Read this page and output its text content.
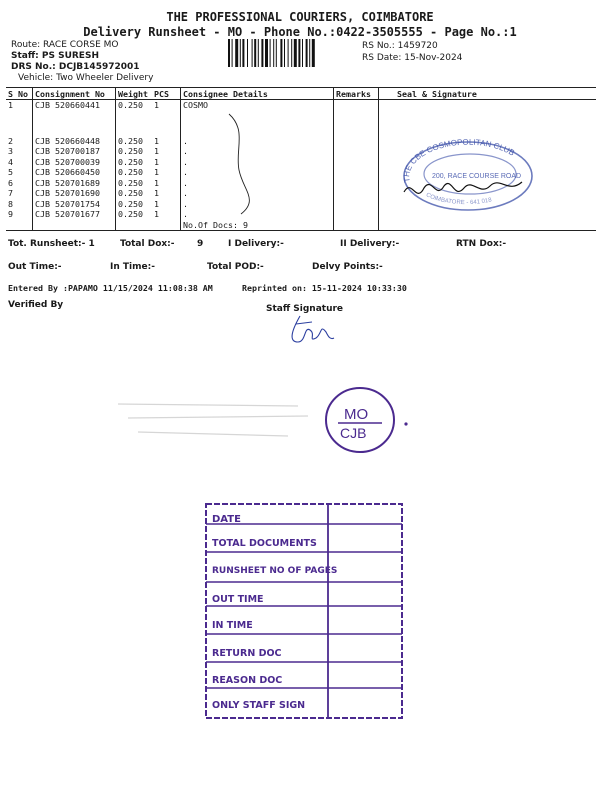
THE PROFESSIONAL COURIERS, COIMBATORE
Delivery Runsheet - MO - Phone No.:0422-3505555 - Page No.:1
Route: RACE CORSE MO
Staff: PS SURESH
DRS No.: DCJB145972001
Vehicle: Two Wheeler Delivery
RS No.: 1459720
RS Date: 15-Nov-2024
S No	Consignment No	Weight	PCS	Consignee Details	Remarks	Seal & Signature
1	CJB 520660441	0.250	1	COSMO		

2	CJB 520660448	0.250	1	.		
3	CJB 520700187	0.250	1	.		
4	CJB 520700039	0.250	1	.		
5	CJB 520660450	0.250	1	.		
6	CJB 520701689	0.250	1	.		
7	CJB 520701690	0.250	1	.		
8	CJB 520701754	0.250	1	.		
9	CJB 520701677	0.250	1	.		
				No.Of Docs: 9		
THE CBE COSMOPOLITAN CLUB
200, RACE COURSE ROAD
COIMBATORE - 641 018
Tot. Runsheet:- 1	Total Dox:- 9	I Delivery:-	II Delivery:-	RTN Dox:-
Out Time:-	In Time:-	Total POD:-	Delvy Points:-
Entered By :PAPAMO 11/15/2024 11:08:38 AM	Reprinted on: 15-11-2024 10:33:30
Verified By	Staff Signature
MO
CJB
DATE
TOTAL DOCUMENTS
RUNSHEET NO OF PAGES
OUT TIME
IN TIME
RETURN DOC
REASON DOC
ONLY STAFF SIGN
